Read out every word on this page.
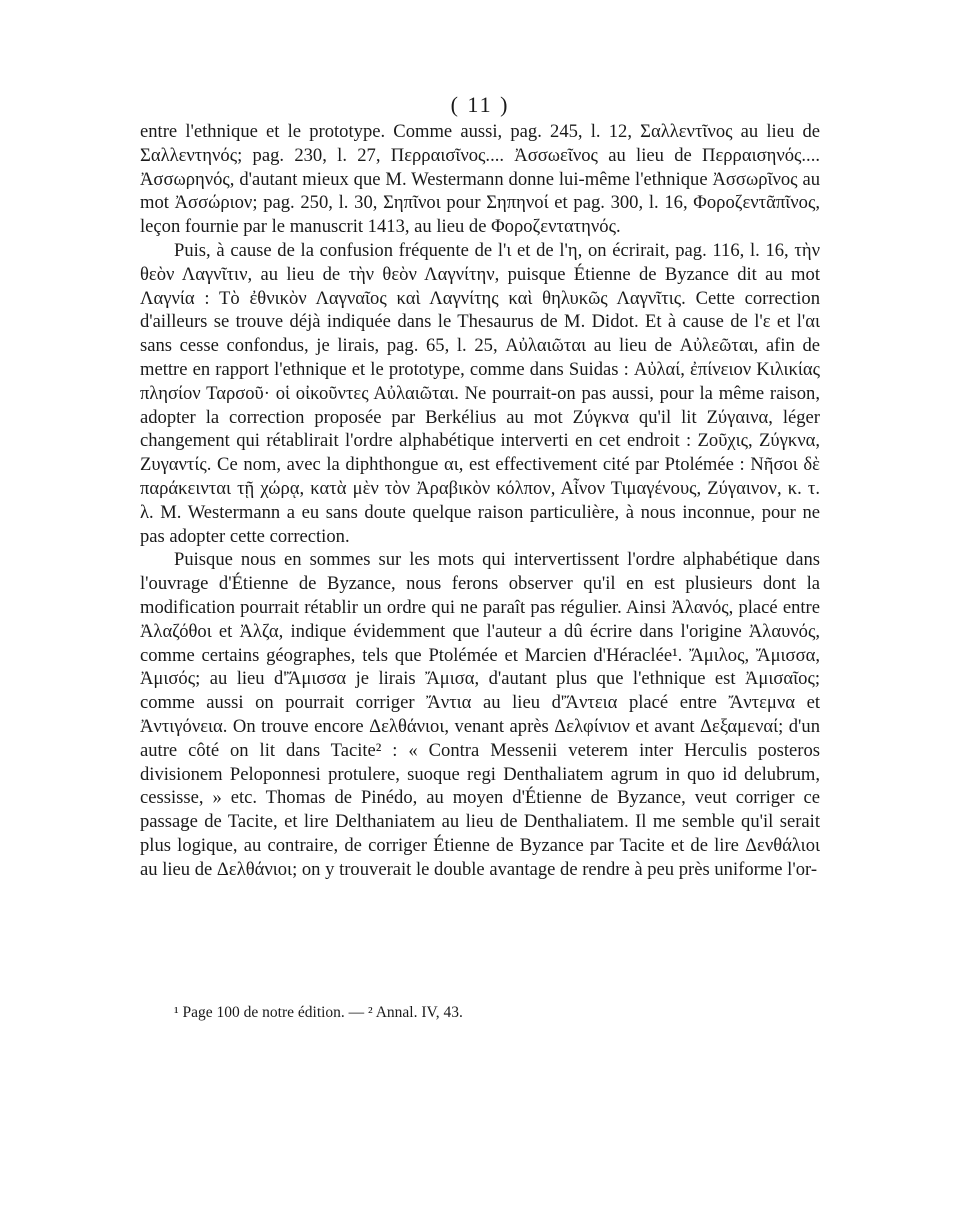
( 11 )

entre l'ethnique et le prototype. Comme aussi, pag. 245, l. 12, Σαλλεντῖνος au lieu de Σαλλεντηνός; pag. 230, l. 27, Περραισῖνος.... Ἀσσωεῖνος au lieu de Περραισηνός.... Ἀσσωρηνός, d'autant mieux que M. Westermann donne lui-même l'ethnique Ἀσσωρῖνος au mot Ἀσσώριον; pag. 250, l. 30, Σηπῖνοι pour Σηπηνοί et pag. 300, l. 16, Φοροζεντᾶπῖνος, leçon fournie par le manuscrit 1413, au lieu de Φοροζεντατηνός.

Puis, à cause de la confusion fréquente de l'ι et de l'η, on écrirait, pag. 116, l. 16, τὴν θεὸν Λαγνῖτιν, au lieu de τὴν θεὸν Λαγνίτην, puisque Étienne de Byzance dit au mot Λαγνία : Τὸ ἐθνικὸν Λαγναῖος καὶ Λαγνίτης καὶ θηλυκῶς Λαγνῖτις. Cette correction d'ailleurs se trouve déjà indiquée dans le Thesaurus de M. Didot. Et à cause de l'ε et l'αι sans cesse confondus, je lirais, pag. 65, l. 25, Αὐλαιῶται au lieu de Αὐλεῶται, afin de mettre en rapport l'ethnique et le prototype, comme dans Suidas : Αὐλαί, ἐπίνειον Κιλικίας πλησίον Ταρσοῦ· οἱ οἰκοῦντες Αὐλαιῶται. Ne pourrait-on pas aussi, pour la même raison, adopter la correction proposée par Berkélius au mot Ζύγκνα qu'il lit Ζύγαινα, léger changement qui rétablirait l'ordre alphabétique interverti en cet endroit : Ζοῦχις, Ζύγκνα, Ζυγαντίς. Ce nom, avec la diphthongue αι, est effectivement cité par Ptolémée : Νῆσοι δὲ παράκεινται τῇ χώρᾳ, κατὰ μὲν τὸν Ἀραβικὸν κόλπον, Αἶνον Τιμαγένους, Ζύγαινον, κ. τ. λ. M. Westermann a eu sans doute quelque raison particulière, à nous inconnue, pour ne pas adopter cette correction.

Puisque nous en sommes sur les mots qui intervertissent l'ordre alphabétique dans l'ouvrage d'Étienne de Byzance, nous ferons observer qu'il en est plusieurs dont la modification pourrait rétablir un ordre qui ne paraît pas régulier. Ainsi Ἀλανός, placé entre Ἀλαζόθοι et Ἀλζα, indique évidemment que l'auteur a dû écrire dans l'origine Ἀλαυνός, comme certains géographes, tels que Ptolémée et Marcien d'Héraclée¹. Ἄμιλος, Ἄμισσα, Ἀμισός; au lieu d'Ἄμισσα je lirais Ἄμισα, d'autant plus que l'ethnique est Ἀμισαῖος; comme aussi on pourrait corriger Ἄντια au lieu d'Ἄντεια placé entre Ἄντεμνα et Ἀντιγόνεια. On trouve encore Δελθάνιοι, venant après Δελφίνιον et avant Δεξαμεναί; d'un autre côté on lit dans Tacite² : « Contra Messenii veterem inter Herculis posteros divisionem Peloponnesi protulere, suoque regi Denthaliatem agrum in quo id delubrum, cessisse, » etc. Thomas de Pinédo, au moyen d'Étienne de Byzance, veut corriger ce passage de Tacite, et lire Delthaniatem au lieu de Denthaliatem. Il me semble qu'il serait plus logique, au contraire, de corriger Étienne de Byzance par Tacite et de lire Δενθάλιοι au lieu de Δελθάνιοι; on y trouverait le double avantage de rendre à peu près uniforme l'or-

¹ Page 100 de notre édition. — ² Annal. IV, 43.
